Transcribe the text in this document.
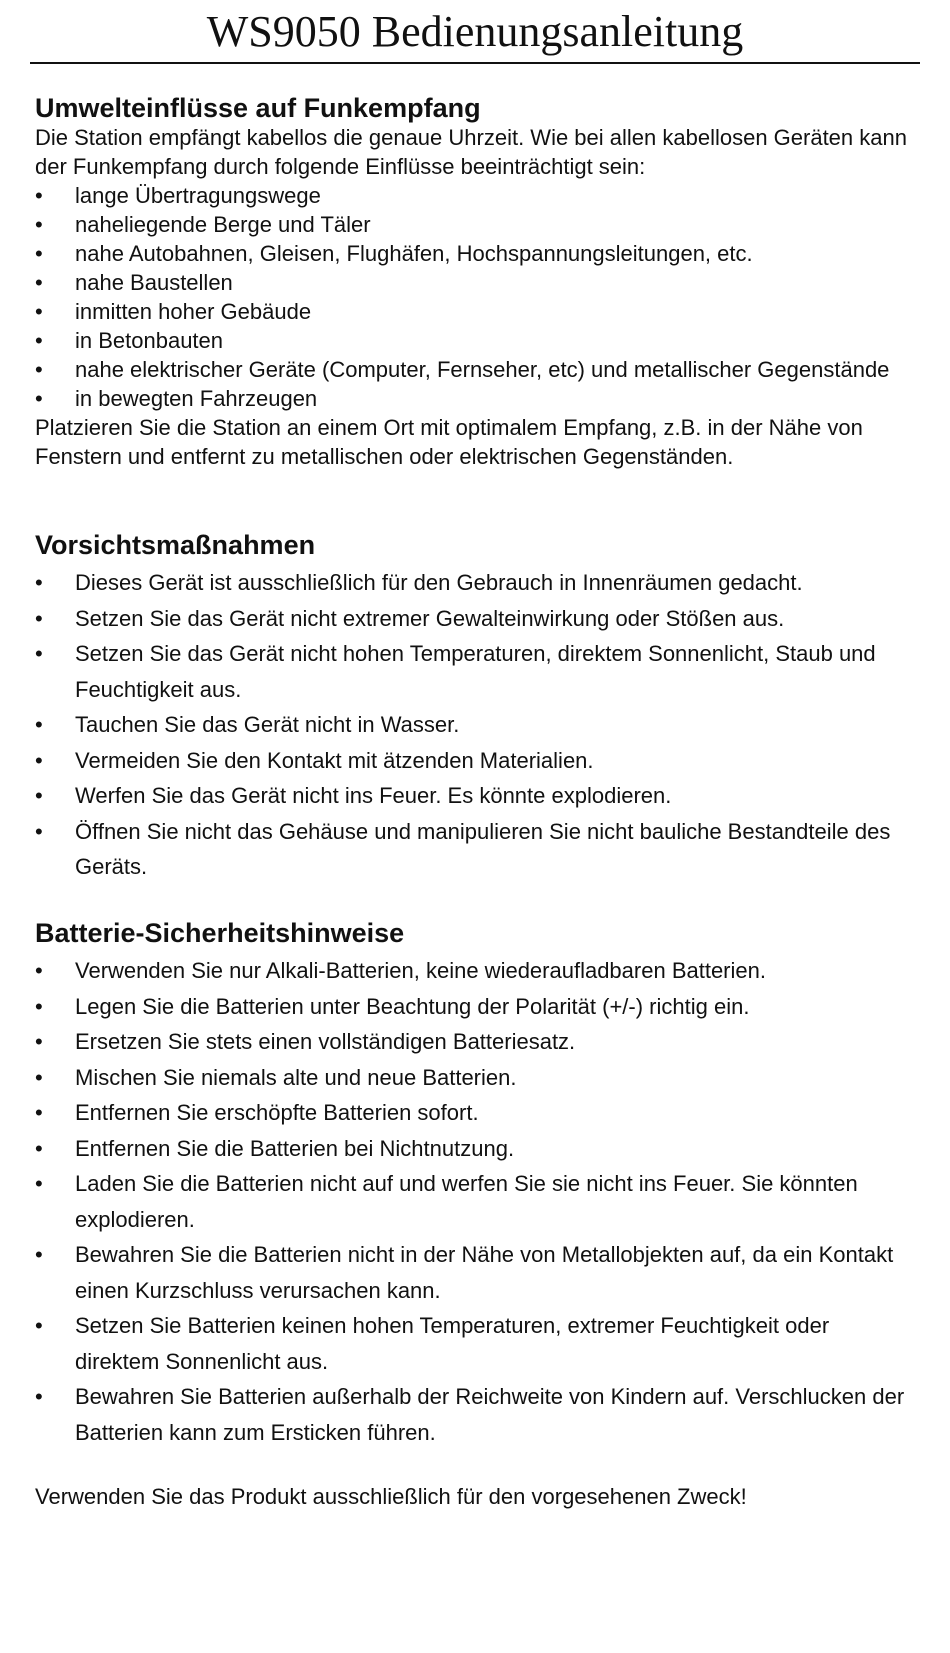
WS9050 Bedienungsanleitung
Umwelteinflüsse auf Funkempfang

Die Station empfängt kabellos die genaue Uhrzeit. Wie bei allen kabellosen Geräten kann der Funkempfang durch folgende Einflüsse beeinträchtigt sein:

•	lange Übertragungswege
•	naheliegende Berge und Täler
•	nahe Autobahnen, Gleisen, Flughäfen, Hochspannungsleitungen, etc.
•	nahe Baustellen
•	inmitten hoher Gebäude
•	in Betonbauten
•	nahe elektrischer Geräte (Computer, Fernseher, etc) und metallischer Gegenstände
•	in bewegten Fahrzeugen

Platzieren Sie die Station an einem Ort mit optimalem Empfang, z.B. in der Nähe von Fenstern und entfernt zu metallischen oder elektrischen Gegenständen.

Vorsichtsmaßnahmen
•	Dieses Gerät ist ausschließlich für den Gebrauch in Innenräumen gedacht.
•	Setzen Sie das Gerät nicht extremer Gewalteinwirkung oder Stößen aus.
•	Setzen Sie das Gerät nicht hohen Temperaturen, direktem Sonnenlicht, Staub und Feuchtigkeit aus.
•	Tauchen Sie das Gerät nicht in Wasser.
•	Vermeiden Sie den Kontakt mit ätzenden Materialien.
•	Werfen Sie das Gerät nicht ins Feuer. Es könnte explodieren.
•	Öffnen Sie nicht das Gehäuse und manipulieren Sie nicht bauliche Bestandteile des Geräts.
Batterie-Sicherheitshinweise
•	Verwenden Sie nur Alkali-Batterien, keine wiederaufladbaren Batterien.
•	Legen Sie die Batterien unter Beachtung der Polarität (+/-) richtig ein.
•	Ersetzen Sie stets einen vollständigen Batteriesatz.
•	Mischen Sie niemals alte und neue Batterien.
•	Entfernen Sie erschöpfte Batterien sofort.
•	Entfernen Sie die Batterien bei Nichtnutzung.
•	Laden Sie die Batterien nicht auf und werfen Sie sie nicht ins Feuer. Sie könnten explodieren.
•	Bewahren Sie die Batterien nicht in der Nähe von Metallobjekten auf, da ein Kontakt einen Kurzschluss verursachen kann.
•	Setzen Sie Batterien keinen hohen Temperaturen, extremer Feuchtigkeit oder direktem Sonnenlicht aus.
•	Bewahren Sie Batterien außerhalb der Reichweite von Kindern auf. Verschlucken der Batterien kann zum Ersticken führen.

Verwenden Sie das Produkt ausschließlich für den vorgesehenen Zweck!
